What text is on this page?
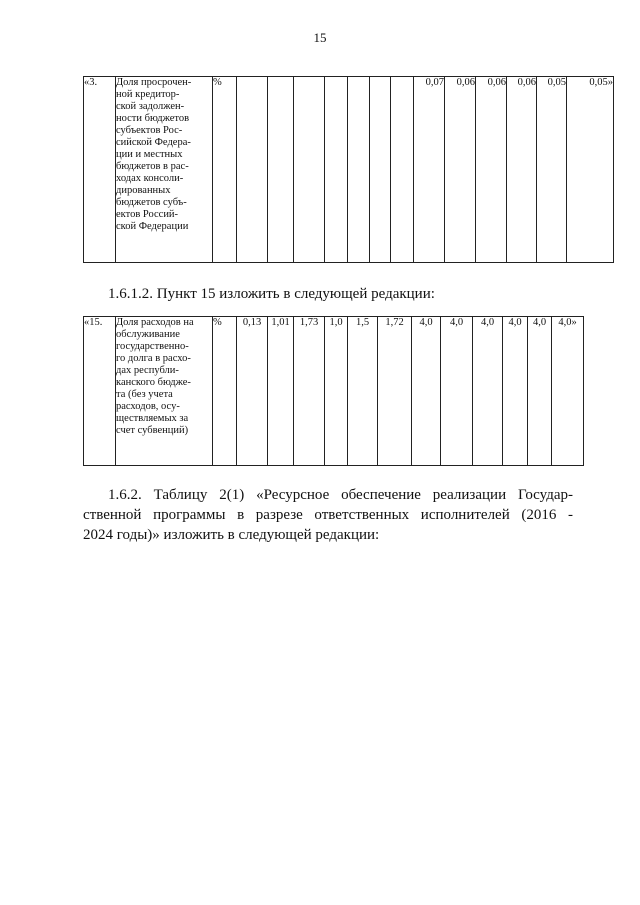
15
«3.	Доля просрочен-
ной кредитор-
ской задолжен-
ности бюджетов
субъектов Рос-
сийской Федера-
ции и местных
бюджетов в рас-
ходах консоли-
дированных
бюджетов субъ-
ектов Россий-
ской Федерации
	%								0,07	0,06	0,06	0,06	0,05	0,05»
1.6.1.2. Пункт 15 изложить в следующей редакции:
«15.	Доля расходов на
обслуживание
государственно-
го долга в расхо-
дах республи-
канского бюдже-
та (без учета
расходов, осу-
ществляемых за
счет субвенций)
	%	0,13	1,01	1,73	1,0	1,5	1,72	4,0	4,0	4,0	4,0	4,0	4,0»
1.6.2. Таблицу 2(1) «Ресурсное обеспечение реализации Государ-
ственной программы в разрезе ответственных исполнителей (2016 -
2024 годы)» изложить в следующей редакции:
